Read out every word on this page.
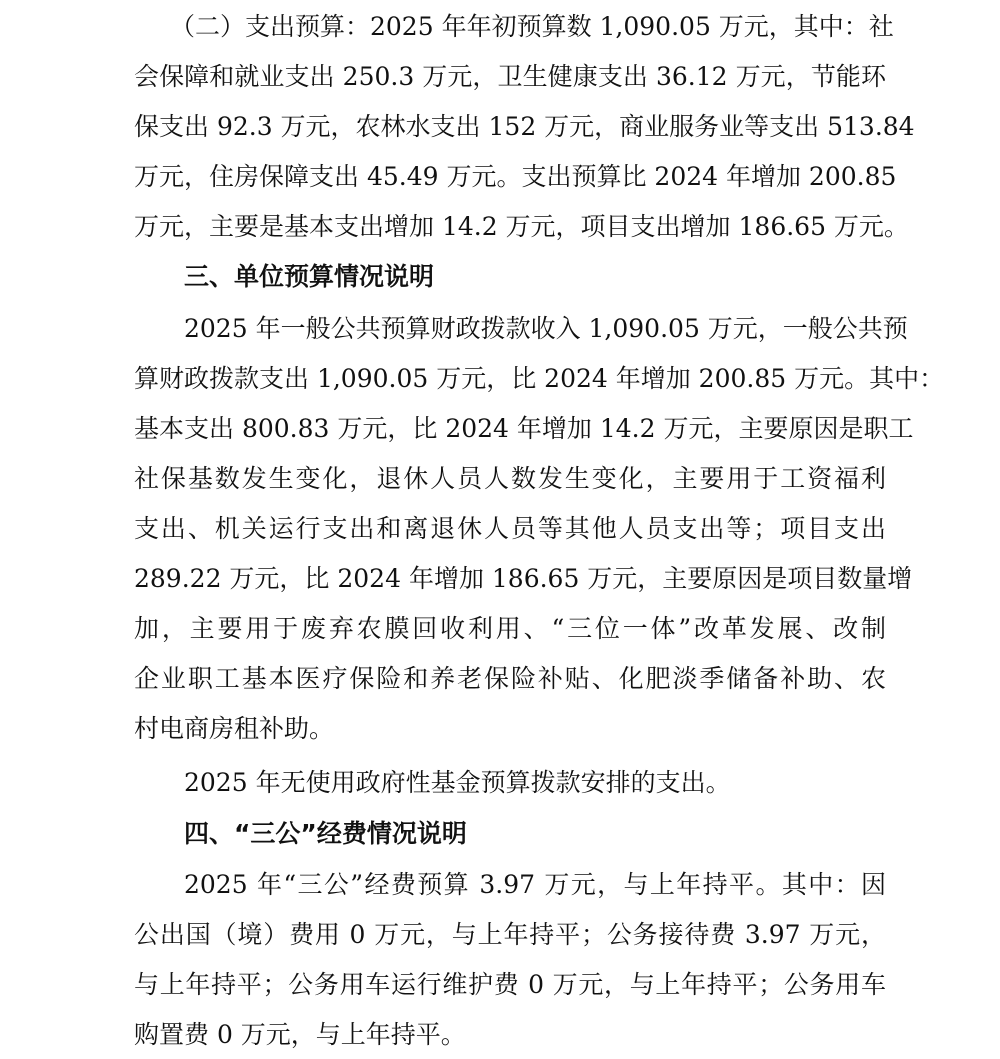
（二）支出预算：2025 年年初预算数 1,090.05 万元，其中：社
会保障和就业支出 250.3 万元，卫生健康支出 36.12 万元，节能环
保支出 92.3 万元，农林水支出 152 万元，商业服务业等支出 513.84
万元，住房保障支出 45.49 万元。支出预算比 2024 年增加 200.85
万元，主要是基本支出增加 14.2 万元，项目支出增加 186.65 万元。
三、单位预算情况说明
2025 年一般公共预算财政拨款收入 1,090.05 万元，一般公共预
算财政拨款支出 1,090.05 万元，比 2024 年增加 200.85 万元。其中：
基本支出 800.83 万元，比 2024 年增加 14.2 万元，主要原因是职工
社保基数发生变化，退休人员人数发生变化，主要用于工资福利
支出、机关运行支出和离退休人员等其他人员支出等；项目支出
289.22 万元，比 2024 年增加 186.65 万元，主要原因是项目数量增
加，主要用于废弃农膜回收利用、“三位一体”改革发展、改制
企业职工基本医疗保险和养老保险补贴、化肥淡季储备补助、农
村电商房租补助。
2025 年无使用政府性基金预算拨款安排的支出。
四、“三公”经费情况说明
2025 年“三公”经费预算 3.97 万元，与上年持平。其中：因
公出国（境）费用 0 万元，与上年持平；公务接待费 3.97 万元，
与上年持平；公务用车运行维护费 0 万元，与上年持平；公务用车
购置费 0 万元，与上年持平。
